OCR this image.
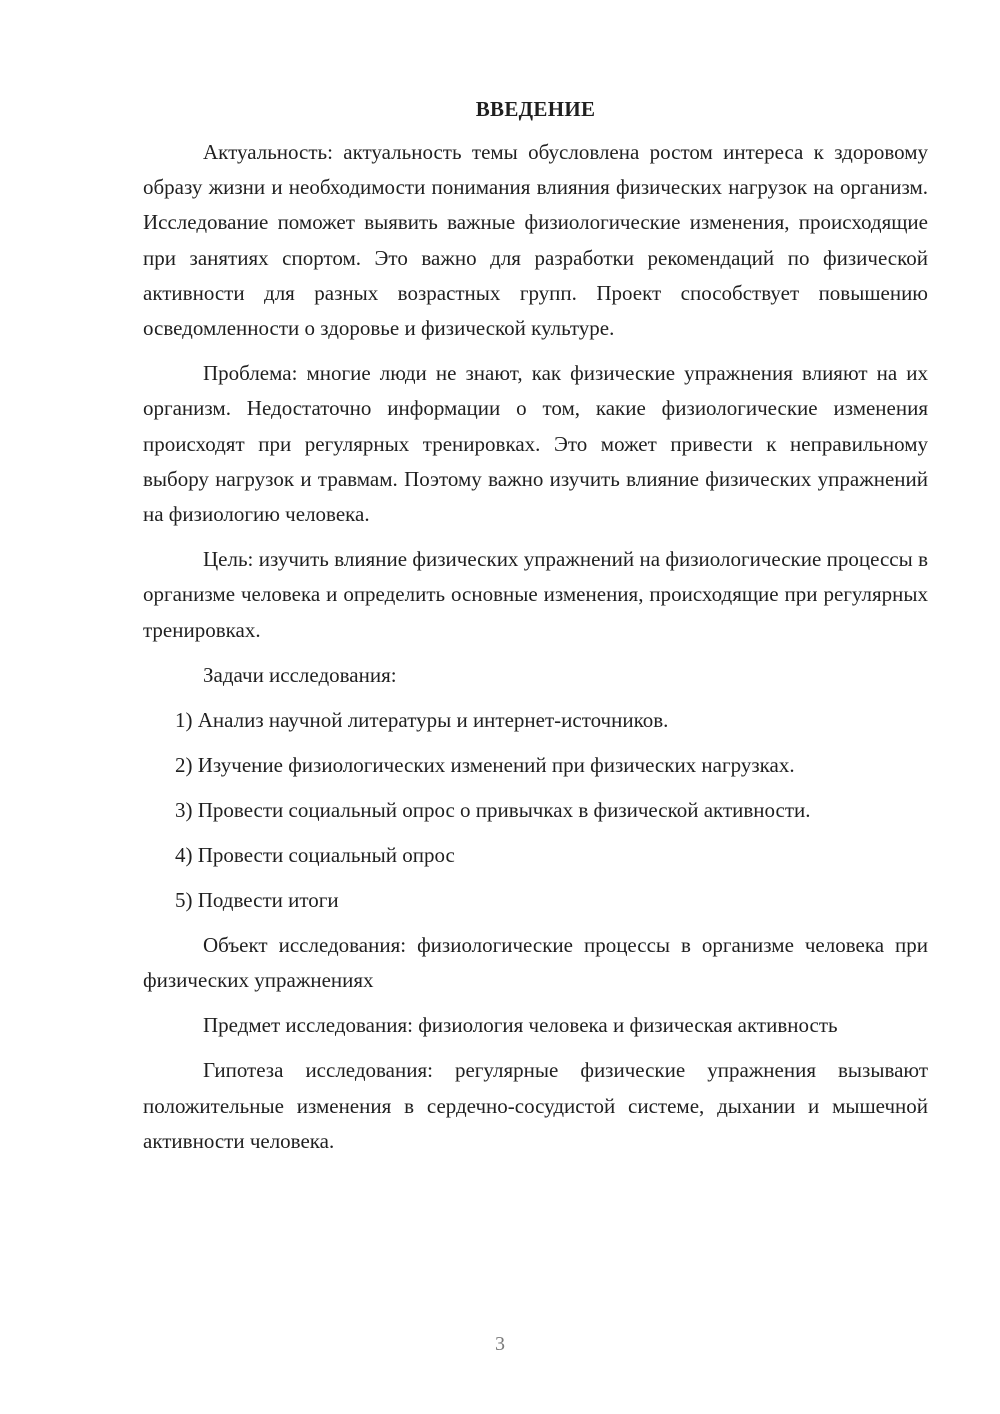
ВВЕДЕНИЕ

Актуальность: актуальность темы обусловлена ростом интереса к здоровому образу жизни и необходимости понимания влияния физических нагрузок на организм. Исследование поможет выявить важные физиологические изменения, происходящие при занятиях спортом. Это важно для разработки рекомендаций по физической активности для разных возрастных групп. Проект способствует повышению осведомленности о здоровье и физической культуре.

Проблема: многие люди не знают, как физические упражнения влияют на их организм. Недостаточно информации о том, какие физиологические изменения происходят при регулярных тренировках. Это может привести к неправильному выбору нагрузок и травмам. Поэтому важно изучить влияние физических упражнений на физиологию человека.

Цель: изучить влияние физических упражнений на физиологические процессы в организме человека и определить основные изменения, происходящие при регулярных тренировках.

Задачи исследования:
1) Анализ научной литературы и интернет-источников.
2) Изучение физиологических изменений при физических нагрузках.
3) Провести социальный опрос о привычках в физической активности.
4) Провести социальный опрос
5) Подвести итоги

Объект исследования: физиологические процессы в организме человека при физических упражнениях

Предмет исследования: физиология человека и физическая активность

Гипотеза исследования: регулярные физические упражнения вызывают положительные изменения в сердечно-сосудистой системе, дыхании и мышечной активности человека.

3
